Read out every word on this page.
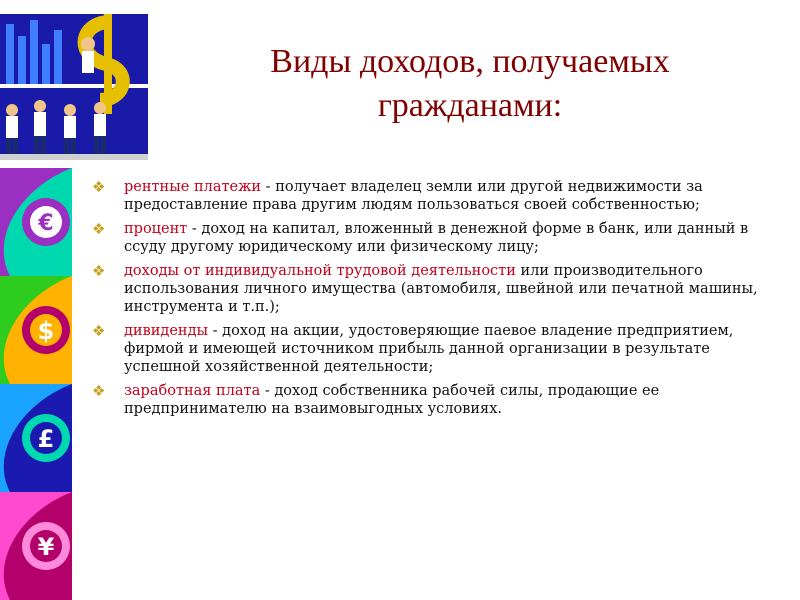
€
$
£
¥
Виды доходов, получаемых
гражданами:
❖ рентные платежи - получает владелец земли или другой недвижимости за предоставление права другим людям пользоваться своей собственностью;
❖ процент - доход на капитал, вложенный в денежной форме в банк, или данный в ссуду другому юридическому или физическому лицу;
❖ доходы от индивидуальной трудовой деятельности или производительного использования личного имущества (автомобиля, швейной или печатной машины, инструмента и т.п.);
❖ дивиденды - доход на акции, удостоверяющие паевое владение предприятием, фирмой и имеющей источником прибыль данной организации в результате успешной хозяйственной деятельности;
❖ заработная плата - доход собственника рабочей силы, продающие ее предпринимателю на взаимовыгодных условиях.
